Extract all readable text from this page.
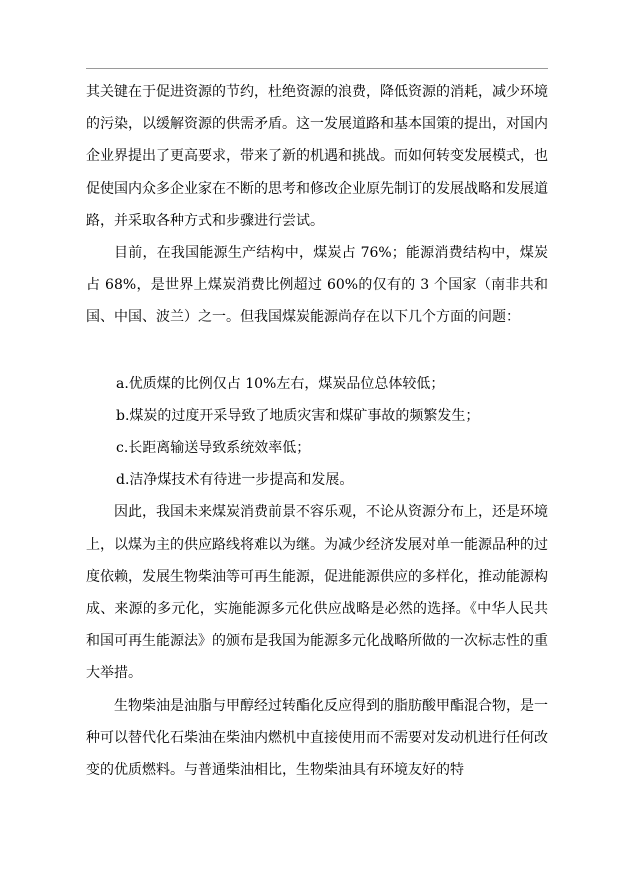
其关键在于促进资源的节约，杜绝资源的浪费，降低资源的消耗，减少环境的污染，以缓解资源的供需矛盾。这一发展道路和基本国策的提出，对国内企业界提出了更高要求，带来了新的机遇和挑战。而如何转变发展模式，也促使国内众多企业家在不断的思考和修改企业原先制订的发展战略和发展道路，并采取各种方式和步骤进行尝试。

目前，在我国能源生产结构中，煤炭占 76%；能源消费结构中，煤炭占 68%，是世界上煤炭消费比例超过 60%的仅有的 3 个国家（南非共和国、中国、波兰）之一。但我国煤炭能源尚存在以下几个方面的问题：

a.优质煤的比例仅占 10%左右，煤炭品位总体较低；

b.煤炭的过度开采导致了地质灾害和煤矿事故的频繁发生；

c.长距离输送导致系统效率低；

d.洁净煤技术有待进一步提高和发展。

因此，我国未来煤炭消费前景不容乐观，不论从资源分布上，还是环境上，以煤为主的供应路线将难以为继。为减少经济发展对单一能源品种的过度依赖，发展生物柴油等可再生能源，促进能源供应的多样化，推动能源构成、来源的多元化，实施能源多元化供应战略是必然的选择。《中华人民共和国可再生能源法》的颁布是我国为能源多元化战略所做的一次标志性的重大举措。

生物柴油是油脂与甲醇经过转酯化反应得到的脂肪酸甲酯混合物，是一种可以替代化石柴油在柴油内燃机中直接使用而不需要对发动机进行任何改变的优质燃料。与普通柴油相比，生物柴油具有环境友好的特
